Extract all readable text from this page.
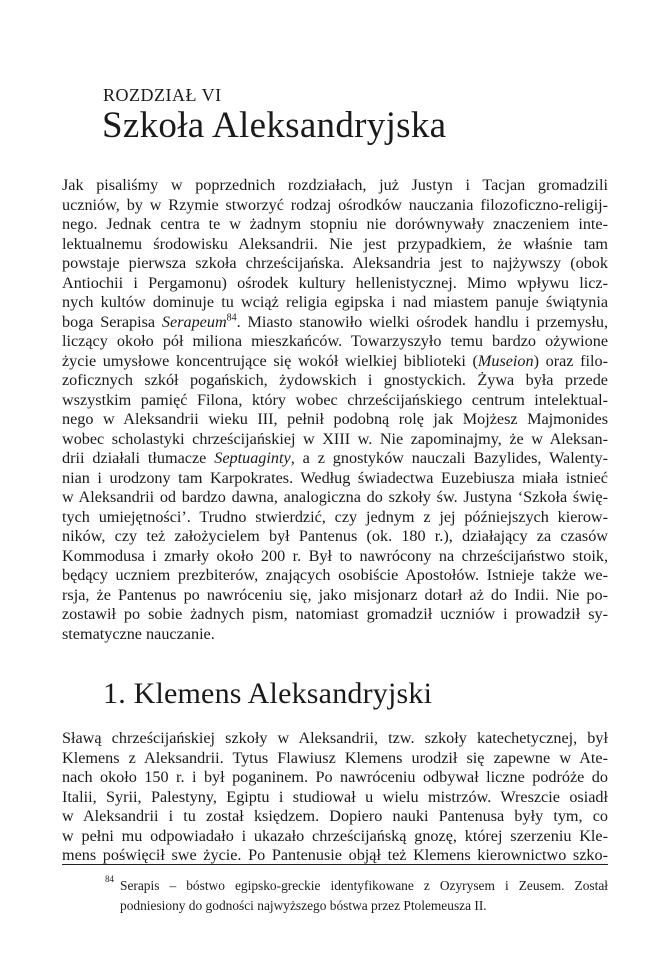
ROZDZIAŁ VI
Szkoła Aleksandryjska
Jak pisaliśmy w poprzednich rozdziałach, już Justyn i Tacjan gromadzili
uczniów, by w Rzymie stworzyć rodzaj ośrodków nauczania filozoficzno-religij-
nego. Jednak centra te w żadnym stopniu nie dorównywały znaczeniem inte-
lektualnemu środowisku Aleksandrii. Nie jest przypadkiem, że właśnie tam
powstaje pierwsza szkoła chrześcijańska. Aleksandria jest to najżywszy (obok
Antiochii i Pergamonu) ośrodek kultury hellenistycznej. Mimo wpływu licz-
nych kultów dominuje tu wciąż religia egipska i nad miastem panuje świątynia
boga Serapisa Serapeum$^{84}$. Miasto stanowiło wielki ośrodek handlu i przemysłu,
liczący około pół miliona mieszkańców. Towarzyszyło temu bardzo ożywione
życie umysłowe koncentrujące się wokół wielkiej biblioteki (Museion) oraz filo-
zoficznych szkół pogańskich, żydowskich i gnostyckich. Żywa była przede
wszystkim pamięć Filona, który wobec chrześcijańskiego centrum intelektual-
nego w Aleksandrii wieku III, pełnił podobną rolę jak Mojżesz Majmonides
wobec scholastyki chrześcijańskiej w XIII w. Nie zapominajmy, że w Aleksan-
drii działali tłumacze Septuaginty, a z gnostyków nauczali Bazylides, Walenty-
nian i urodzony tam Karpokrates. Według świadectwa Euzebiusza miała istnieć
w Aleksandrii od bardzo dawna, analogiczna do szkoły św. Justyna ‘Szkoła świę-
tych umiejętności’. Trudno stwierdzić, czy jednym z jej późniejszych kierow-
ników, czy też założycielem był Pantenus (ok. 180 r.), działający za czasów
Kommodusa i zmarły około 200 r. Był to nawrócony na chrześcijaństwo stoik,
będący uczniem prezbiterów, znających osobiście Apostołów. Istnieje także we-
rsja, że Pantenus po nawróceniu się, jako misjonarz dotarł aż do Indii. Nie po-
zostawił po sobie żadnych pism, natomiast gromadził uczniów i prowadził sy-
stematyczne nauczanie.
1. Klemens Aleksandryjski
Sławą chrześcijańskiej szkoły w Aleksandrii, tzw. szkoły katechetycznej, był
Klemens z Aleksandrii. Tytus Flawiusz Klemens urodził się zapewne w Ate-
nach około 150 r. i był poganinem. Po nawróceniu odbywał liczne podróże do
Italii, Syrii, Palestyny, Egiptu i studiował u wielu mistrzów. Wreszcie osiadł
w Aleksandrii i tu został księdzem. Dopiero nauki Pantenusa były tym, co
w pełni mu odpowiadało i ukazało chrześcijańską gnozę, której szerzeniu Kle-
mens poświęcił swe życie. Po Pantenusie objął też Klemens kierownictwo szko-
84 Serapis – bóstwo egipsko-greckie identyfikowane z Ozyrysem i Zeusem. Został
podniesiony do godności najwyższego bóstwa przez Ptolemeusza II.
